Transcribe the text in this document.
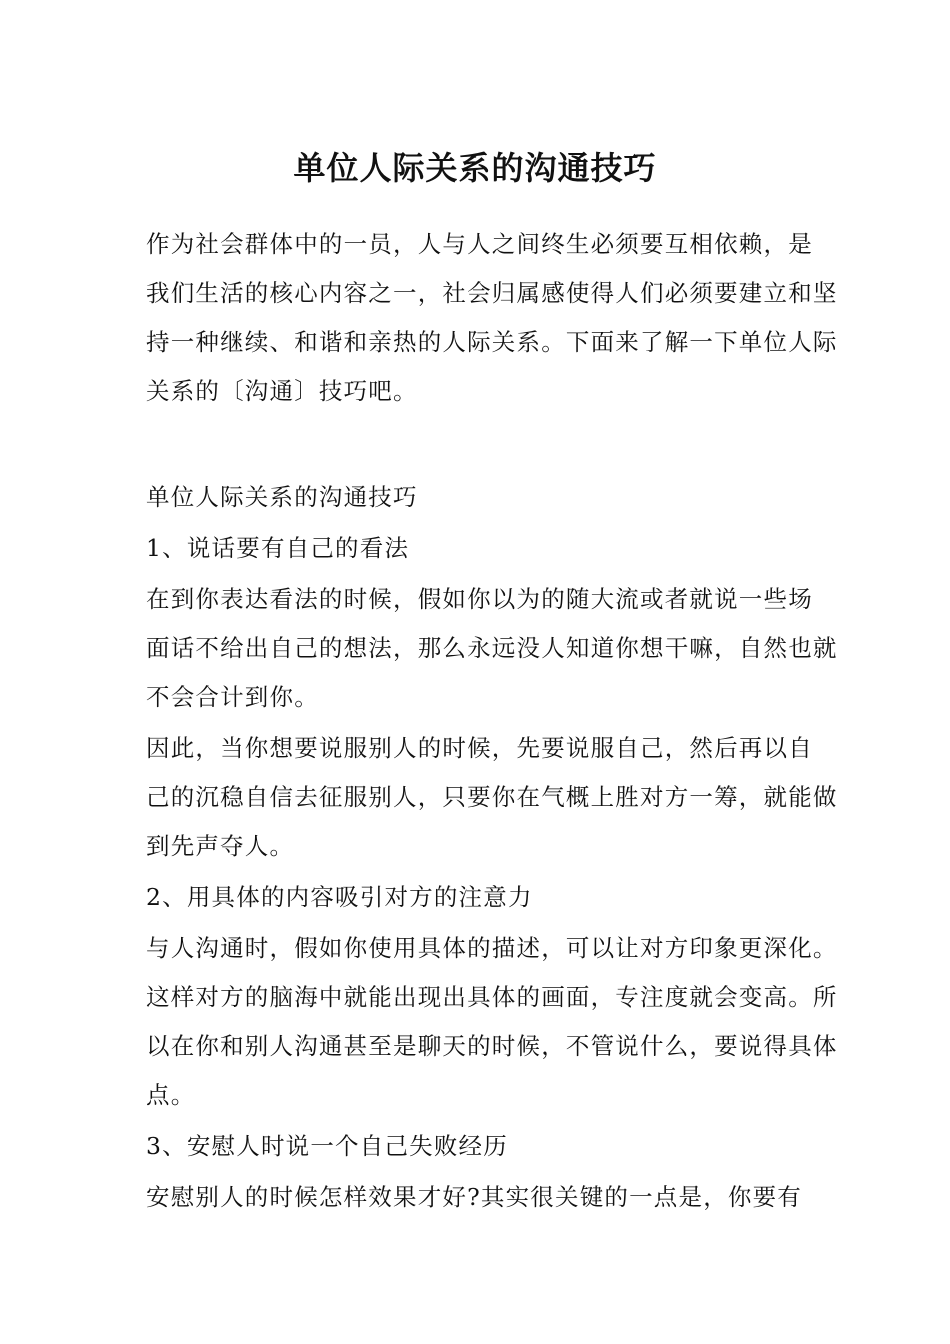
单位人际关系的沟通技巧
作为社会群体中的一员，人与人之间终生必须要互相依赖，是
我们生活的核心内容之一，社会归属感使得人们必须要建立和坚
持一种继续、和谐和亲热的人际关系。下面来了解一下单位人际
关系的〔沟通〕技巧吧。
单位人际关系的沟通技巧
1、说话要有自己的看法
在到你表达看法的时候，假如你以为的随大流或者就说一些场
面话不给出自己的想法，那么永远没人知道你想干嘛，自然也就
不会合计到你。
因此，当你想要说服别人的时候，先要说服自己，然后再以自
己的沉稳自信去征服别人，只要你在气概上胜对方一筹，就能做
到先声夺人。
2、用具体的内容吸引对方的注意力
与人沟通时，假如你使用具体的描述，可以让对方印象更深化。
这样对方的脑海中就能出现出具体的画面，专注度就会变高。所
以在你和别人沟通甚至是聊天的时候，不管说什么，要说得具体
点。
3、安慰人时说一个自己失败经历
安慰别人的时候怎样效果才好?其实很关键的一点是，你要有
